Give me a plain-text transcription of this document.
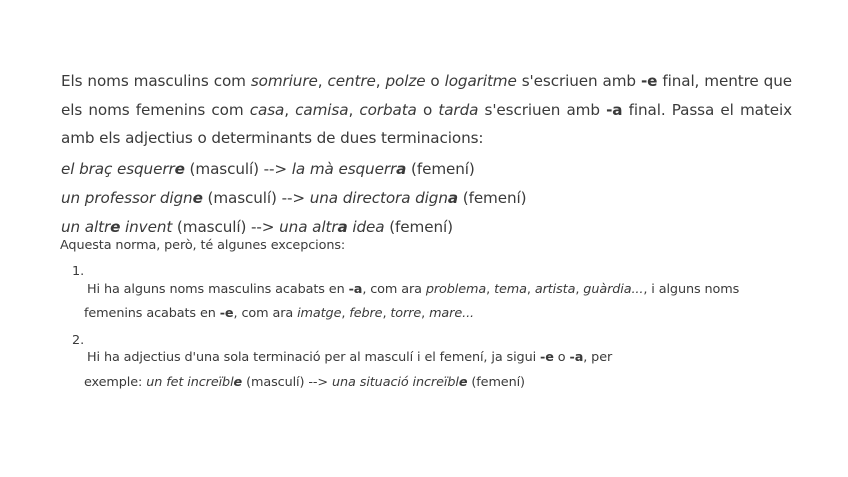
Els noms masculins com somriure, centre, polze o logaritme s'escriuen amb -e final, mentre que els noms femenins com casa, camisa, corbata o tarda s'escriuen amb -a final. Passa el mateix amb els adjectius o determinants de dues terminacions:

el braç esquerre (masculí) --> la mà esquerra (femení)

un professor digne (masculí) --> una directora digna (femení)

un altre invent (masculí) --> una altra idea (femení)

Aquesta norma, però, té algunes excepcions:

1.

Hi ha alguns noms masculins acabats en -a, com ara problema, tema, artista, guàrdia..., i alguns noms

femenins acabats en -e, com ara imatge, febre, torre, mare...

2.

Hi ha adjectius d'una sola terminació per al masculí i el femení, ja sigui -e o -a, per

exemple: un fet increïble (masculí) --> una situació increïble (femení)
